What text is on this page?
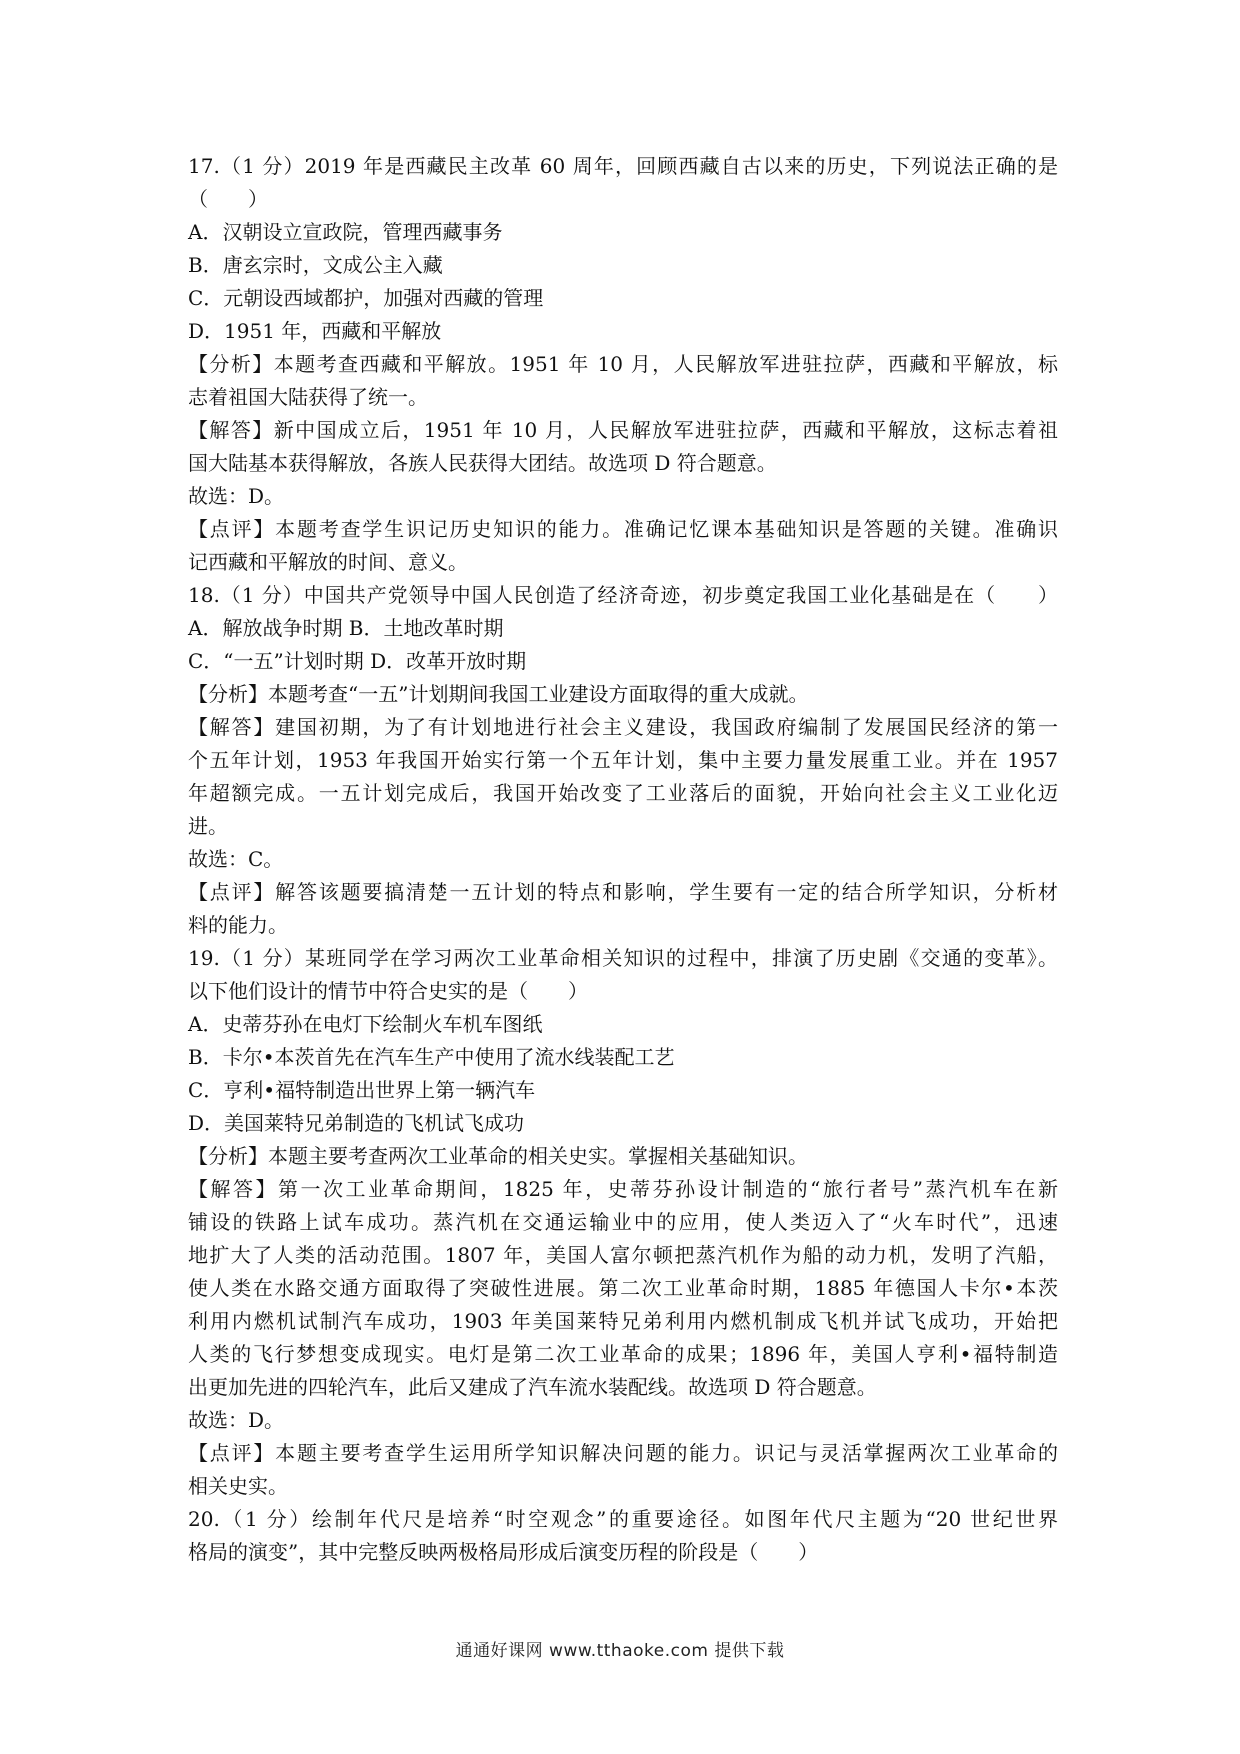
17.（1 分）2019 年是西藏民主改革 60 周年，回顾西藏自古以来的历史，下列说法正确的是
（　　）
A．汉朝设立宣政院，管理西藏事务
B．唐玄宗时，文成公主入藏
C．元朝设西域都护，加强对西藏的管理
D．1951 年，西藏和平解放
【分析】本题考查西藏和平解放。1951 年 10 月，人民解放军进驻拉萨，西藏和平解放，标
志着祖国大陆获得了统一。
【解答】新中国成立后，1951 年 10 月，人民解放军进驻拉萨，西藏和平解放，这标志着祖
国大陆基本获得解放，各族人民获得大团结。故选项 D 符合题意。
故选：D。
【点评】本题考查学生识记历史知识的能力。准确记忆课本基础知识是答题的关键。准确识
记西藏和平解放的时间、意义。
18.（1 分）中国共产党领导中国人民创造了经济奇迹，初步奠定我国工业化基础是在（　　）
A．解放战争时期 B．土地改革时期
C．“一五”计划时期 D．改革开放时期
【分析】本题考查“一五”计划期间我国工业建设方面取得的重大成就。
【解答】建国初期，为了有计划地进行社会主义建设，我国政府编制了发展国民经济的第一
个五年计划，1953 年我国开始实行第一个五年计划，集中主要力量发展重工业。并在 1957
年超额完成。一五计划完成后，我国开始改变了工业落后的面貌，开始向社会主义工业化迈
进。
故选：C。
【点评】解答该题要搞清楚一五计划的特点和影响，学生要有一定的结合所学知识，分析材
料的能力。
19.（1 分）某班同学在学习两次工业革命相关知识的过程中，排演了历史剧《交通的变革》。
以下他们设计的情节中符合史实的是（　　）
A．史蒂芬孙在电灯下绘制火车机车图纸
B．卡尔•本茨首先在汽车生产中使用了流水线装配工艺
C．亨利•福特制造出世界上第一辆汽车
D．美国莱特兄弟制造的飞机试飞成功
【分析】本题主要考查两次工业革命的相关史实。掌握相关基础知识。
【解答】第一次工业革命期间，1825 年，史蒂芬孙设计制造的“旅行者号”蒸汽机车在新
铺设的铁路上试车成功。蒸汽机在交通运输业中的应用，使人类迈入了“火车时代”，迅速
地扩大了人类的活动范围。1807 年，美国人富尔顿把蒸汽机作为船的动力机，发明了汽船，
使人类在水路交通方面取得了突破性进展。第二次工业革命时期，1885 年德国人卡尔•本茨
利用内燃机试制汽车成功，1903 年美国莱特兄弟利用内燃机制成飞机并试飞成功，开始把
人类的飞行梦想变成现实。电灯是第二次工业革命的成果；1896 年，美国人亨利•福特制造
出更加先进的四轮汽车，此后又建成了汽车流水装配线。故选项 D 符合题意。
故选：D。
【点评】本题主要考查学生运用所学知识解决问题的能力。识记与灵活掌握两次工业革命的
相关史实。
20.（1 分）绘制年代尺是培养“时空观念”的重要途径。如图年代尺主题为“20 世纪世界
格局的演变”，其中完整反映两极格局形成后演变历程的阶段是（　　）
通通好课网 www.tthaoke.com 提供下载
